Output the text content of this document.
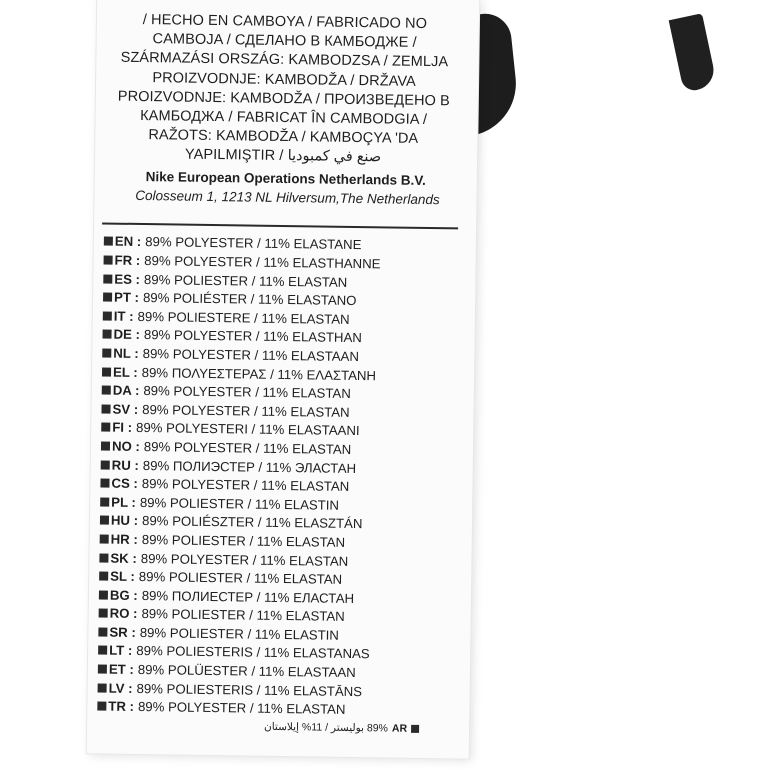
/ HECHO EN CAMBOYA / FABRICADO NO
CAMBOJA / СДЕЛАНО В КАМБОДЖЕ /
SZÁRMAZÁSI ORSZÁG: KAMBODZSA / ZEMLJA
PROIZVODNJE: KAMBODŽA / DRŽAVA
PROIZVODNJE: KAMBODŽA / ПРОИЗВЕДЕНО В
КАМБОДЖА / FABRICAT ÎN CAMBODGIA /
RAŽOTS: KAMBODŽA / KAMBOÇYA 'DA
YAPILMIŞTIR / صنع في كمبوديا
Nike European Operations Netherlands B.V.
Colosseum 1, 1213 NL Hilversum,The Netherlands
EN : 89% POLYESTER / 11% ELASTANE
FR : 89% POLYESTER / 11% ELASTHANNE
ES : 89% POLIESTER / 11% ELASTAN
PT : 89% POLIÉSTER / 11% ELASTANO
IT : 89% POLIESTERE / 11% ELASTAN
DE : 89% POLYESTER / 11% ELASTHAN
NL : 89% POLYESTER / 11% ELASTAAN
EL : 89% ΠΟΛΥΕΣΤΕΡΑΣ / 11% ΕΛΑΣΤΑΝΗ
DA : 89% POLYESTER / 11% ELASTAN
SV : 89% POLYESTER / 11% ELASTAN
FI : 89% POLYESTERI / 11% ELASTAANI
NO : 89% POLYESTER / 11% ELASTAN
RU : 89% ПОЛИЭСТЕР / 11% ЭЛАСТАН
CS : 89% POLYESTER / 11% ELASTAN
PL : 89% POLIESTER / 11% ELASTIN
HU : 89% POLIÉSZTER / 11% ELASZTÁN
HR : 89% POLIESTER / 11% ELASTAN
SK : 89% POLYESTER / 11% ELASTAN
SL : 89% POLIESTER / 11% ELASTAN
BG : 89% ПОЛИЕСТЕР / 11% ЕЛАСТАН
RO : 89% POLIESTER / 11% ELASTAN
SR : 89% POLIESTER / 11% ELASTIN
LT : 89% POLIESTERIS / 11% ELASTANAS
ET : 89% POLÜESTER / 11% ELASTAAN
LV : 89% POLIESTERIS / 11% ELASTĀNS
TR : 89% POLYESTER / 11% ELASTAN
89% بوليستر / 11% إيلاستان AR
